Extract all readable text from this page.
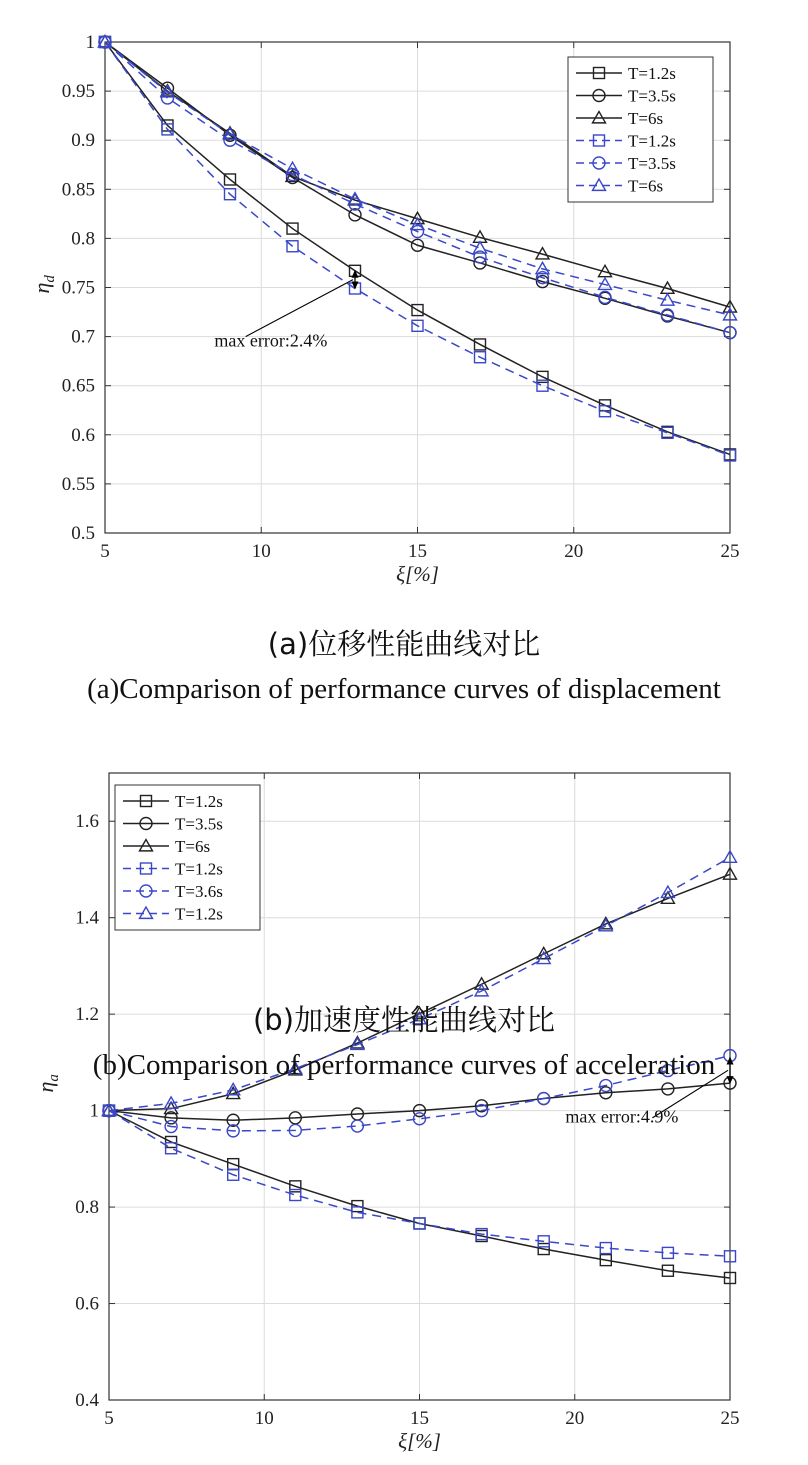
5	10	15	20	25
0.5
0.55
0.6
0.65
0.7
0.75
0.8
0.85
0.9
0.95
1
ξ[%]
$\eta_d$
max error:2.4%
T=1.2s
T=3.5s
T=6s
T=1.2s
T=3.5s
T=6s
(a)位移性能曲线对比
(a)Comparison of performance curves of displacement
5	10	15	20	25
0.4
0.6
0.8
1
1.2
1.4
1.6
ξ[%]
$\eta_a$
max error:4.9%
T=1.2s
T=3.5s
T=6s
T=1.2s
T=3.6s
T=1.2s
(b)加速度性能曲线对比
(b)Comparison of performance curves of acceleration
